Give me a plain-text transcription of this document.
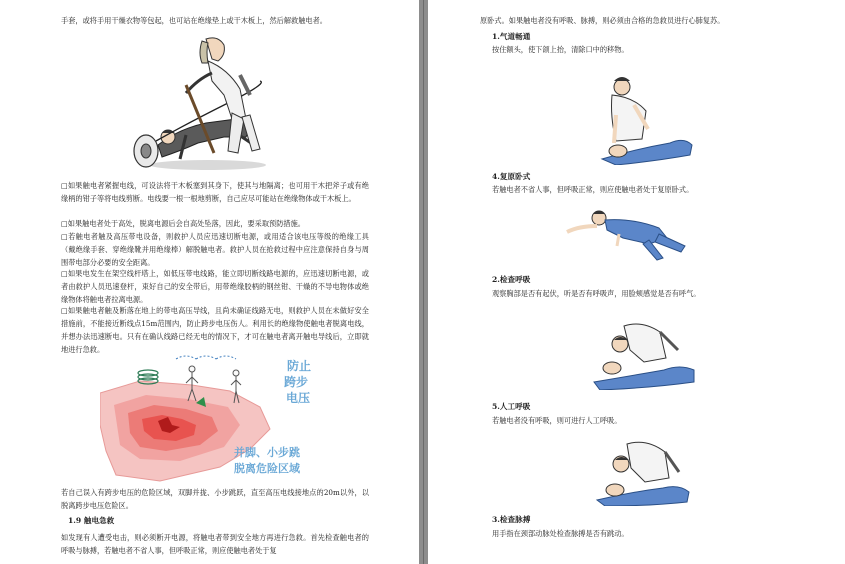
手套，或将手用干燥衣物等包起，也可站在绝缘垫上或干木板上，然后解救触电者。

□如果触电者紧握电线，可设法将干木板塞到其身下，使其与地隔离；也可用干木把斧子或有绝缘柄的钳子等将电线剪断。电线要一根一根地剪断，自己应尽可能站在绝缘物体或干木板上。

□如果触电者处于高处，脱离电源后会自高处坠落，因此，要采取预防措施。

□若触电者触及高压带电设备，则救护人员应迅速切断电源，或用适合该电压等级的绝缘工具（戴绝缘手套、穿绝缘靴并用绝缘棒）解脱触电者。救护人员在抢救过程中应注意保持自身与周围带电部分必要的安全距离。

□如果电发生在架空线杆塔上，如低压带电线路，能立即切断线路电源的，应迅速切断电源，或者由救护人员迅速登杆，束好自己的安全带后，用带绝缘胶柄的钢丝钳、干燥的不导电物体或绝缘物体将触电者拉离电源。

□如果触电者触及断落在地上的带电高压导线，且尚未确证线路无电，则救护人员在未做好安全措施前，不能接近断线点15m范围内，防止跨步电压伤人。利用长的绝缘物使触电者脱离电线，并想办法迅速断电。只有在确认线路已经无电的情况下，才可在触电者离开触电导线后，立即就地进行急救。

防止
跨步
电压
并脚、小步跳
脱离危险区域

若自己误入有跨步电压的危险区域，双脚并拢、小步跳跃，直至高压电线接地点的20m以外，以脱离跨步电压危险区。

1.9 触电急救

如发现有人遭受电击，则必须断开电源，将触电者带到安全地方再进行急救。首先检查触电者的呼吸与脉搏，若触电者不省人事，但呼吸正常，则应使触电者处于复

原卧式。如果触电者没有呼吸、脉搏，则必须由合格的急救员进行心肺复苏。

1.气道畅通

按住额头，使下颌上抬，清除口中的移物。

4.复原卧式

若触电者不省人事，但呼吸正常，则应使触电者处于复原卧式。

2.检查呼吸

观察胸部是否有起伏，听是否有呼吸声，用脸颊感觉是否有呼气。

5.人工呼吸

若触电者没有呼吸，则可进行人工呼吸。

3.检查脉搏

用手指在颈部动脉处检查脉搏是否有跳动。
